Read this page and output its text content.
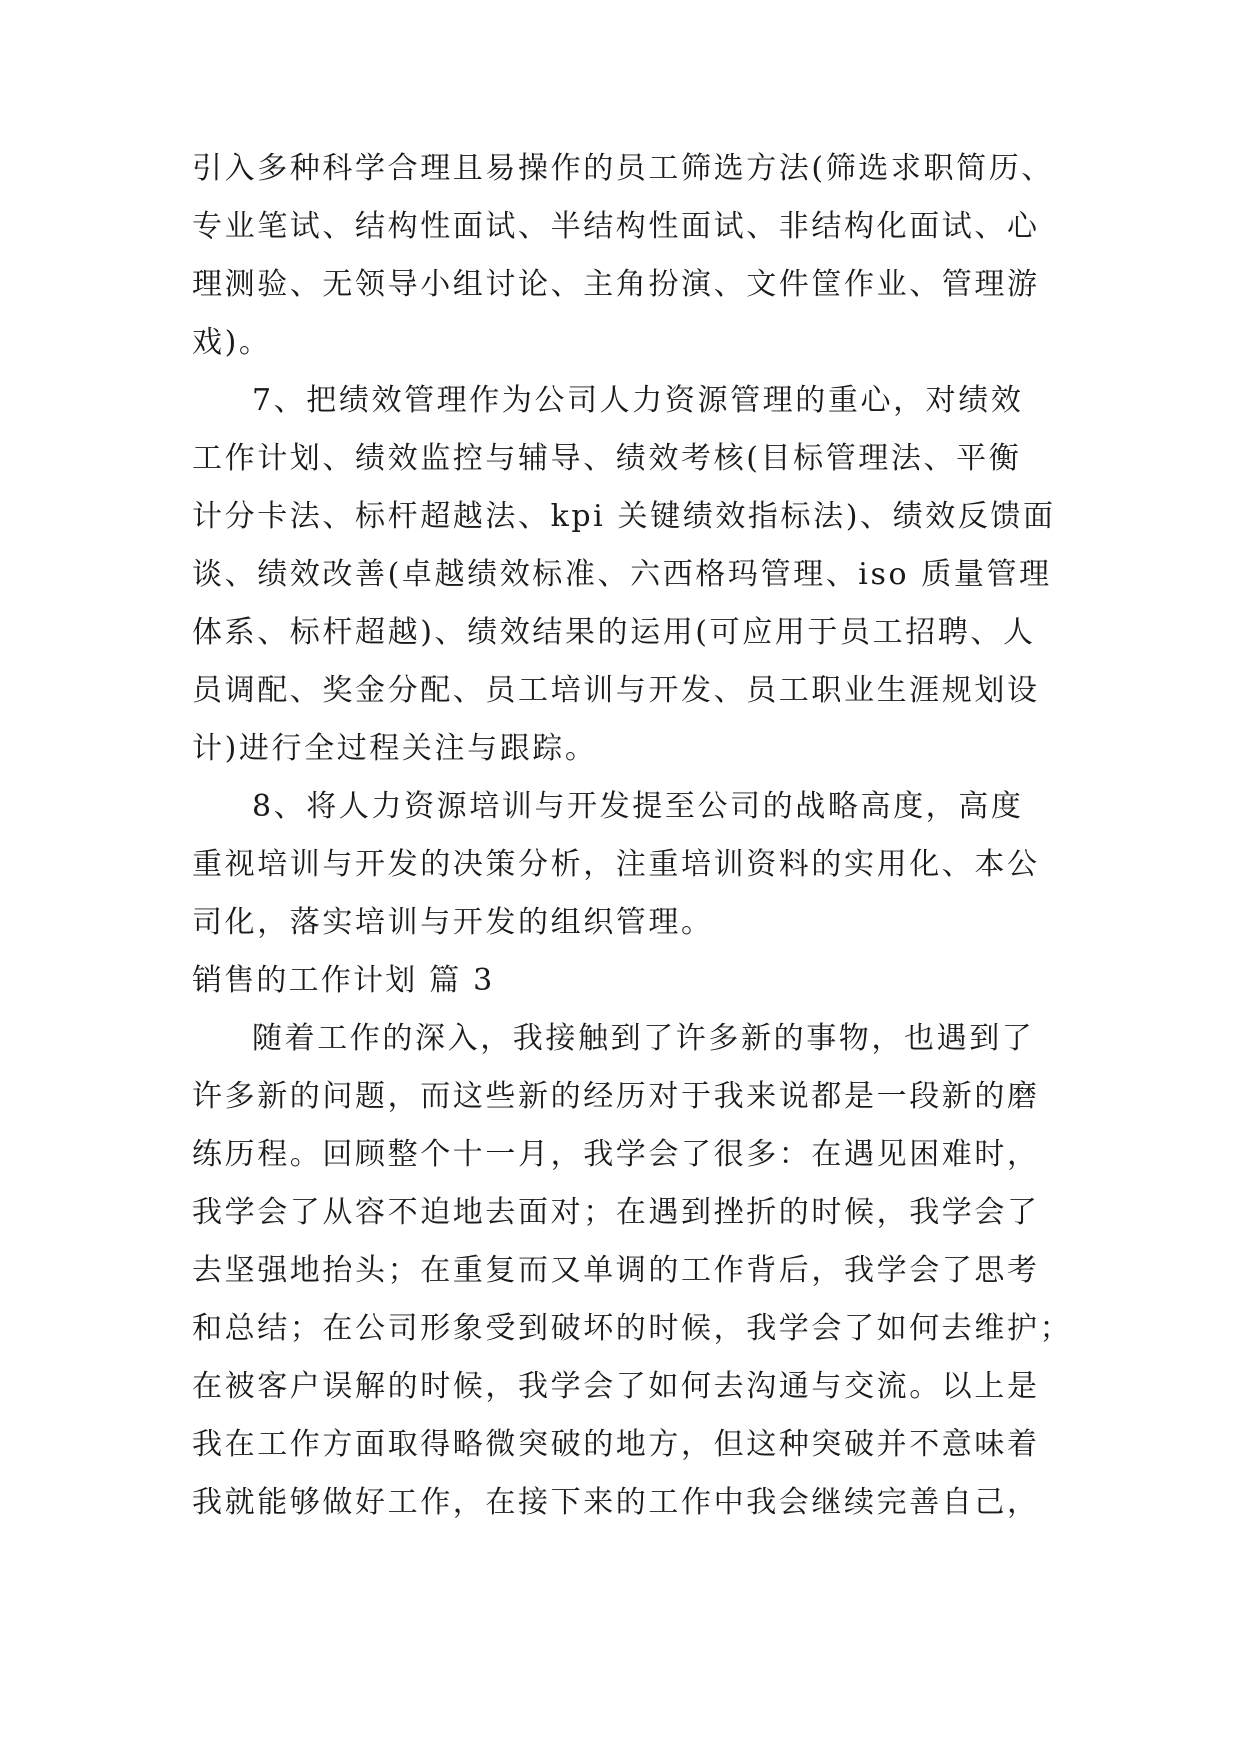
引入多种科学合理且易操作的员工筛选方法(筛选求职简历、
专业笔试、结构性面试、半结构性面试、非结构化面试、心
理测验、无领导小组讨论、主角扮演、文件筐作业、管理游
戏)。
7、把绩效管理作为公司人力资源管理的重心，对绩效
工作计划、绩效监控与辅导、绩效考核(目标管理法、平衡
计分卡法、标杆超越法、kpi 关键绩效指标法)、绩效反馈面
谈、绩效改善(卓越绩效标准、六西格玛管理、iso 质量管理
体系、标杆超越)、绩效结果的运用(可应用于员工招聘、人
员调配、奖金分配、员工培训与开发、员工职业生涯规划设
计)进行全过程关注与跟踪。
8、将人力资源培训与开发提至公司的战略高度，高度
重视培训与开发的决策分析，注重培训资料的实用化、本公
司化，落实培训与开发的组织管理。
销售的工作计划 篇 3
随着工作的深入，我接触到了许多新的事物，也遇到了
许多新的问题，而这些新的经历对于我来说都是一段新的磨
练历程。回顾整个十一月，我学会了很多：在遇见困难时，
我学会了从容不迫地去面对；在遇到挫折的时候，我学会了
去坚强地抬头；在重复而又单调的工作背后，我学会了思考
和总结；在公司形象受到破坏的时候，我学会了如何去维护；
在被客户误解的时候，我学会了如何去沟通与交流。以上是
我在工作方面取得略微突破的地方，但这种突破并不意味着
我就能够做好工作，在接下来的工作中我会继续完善自己，
